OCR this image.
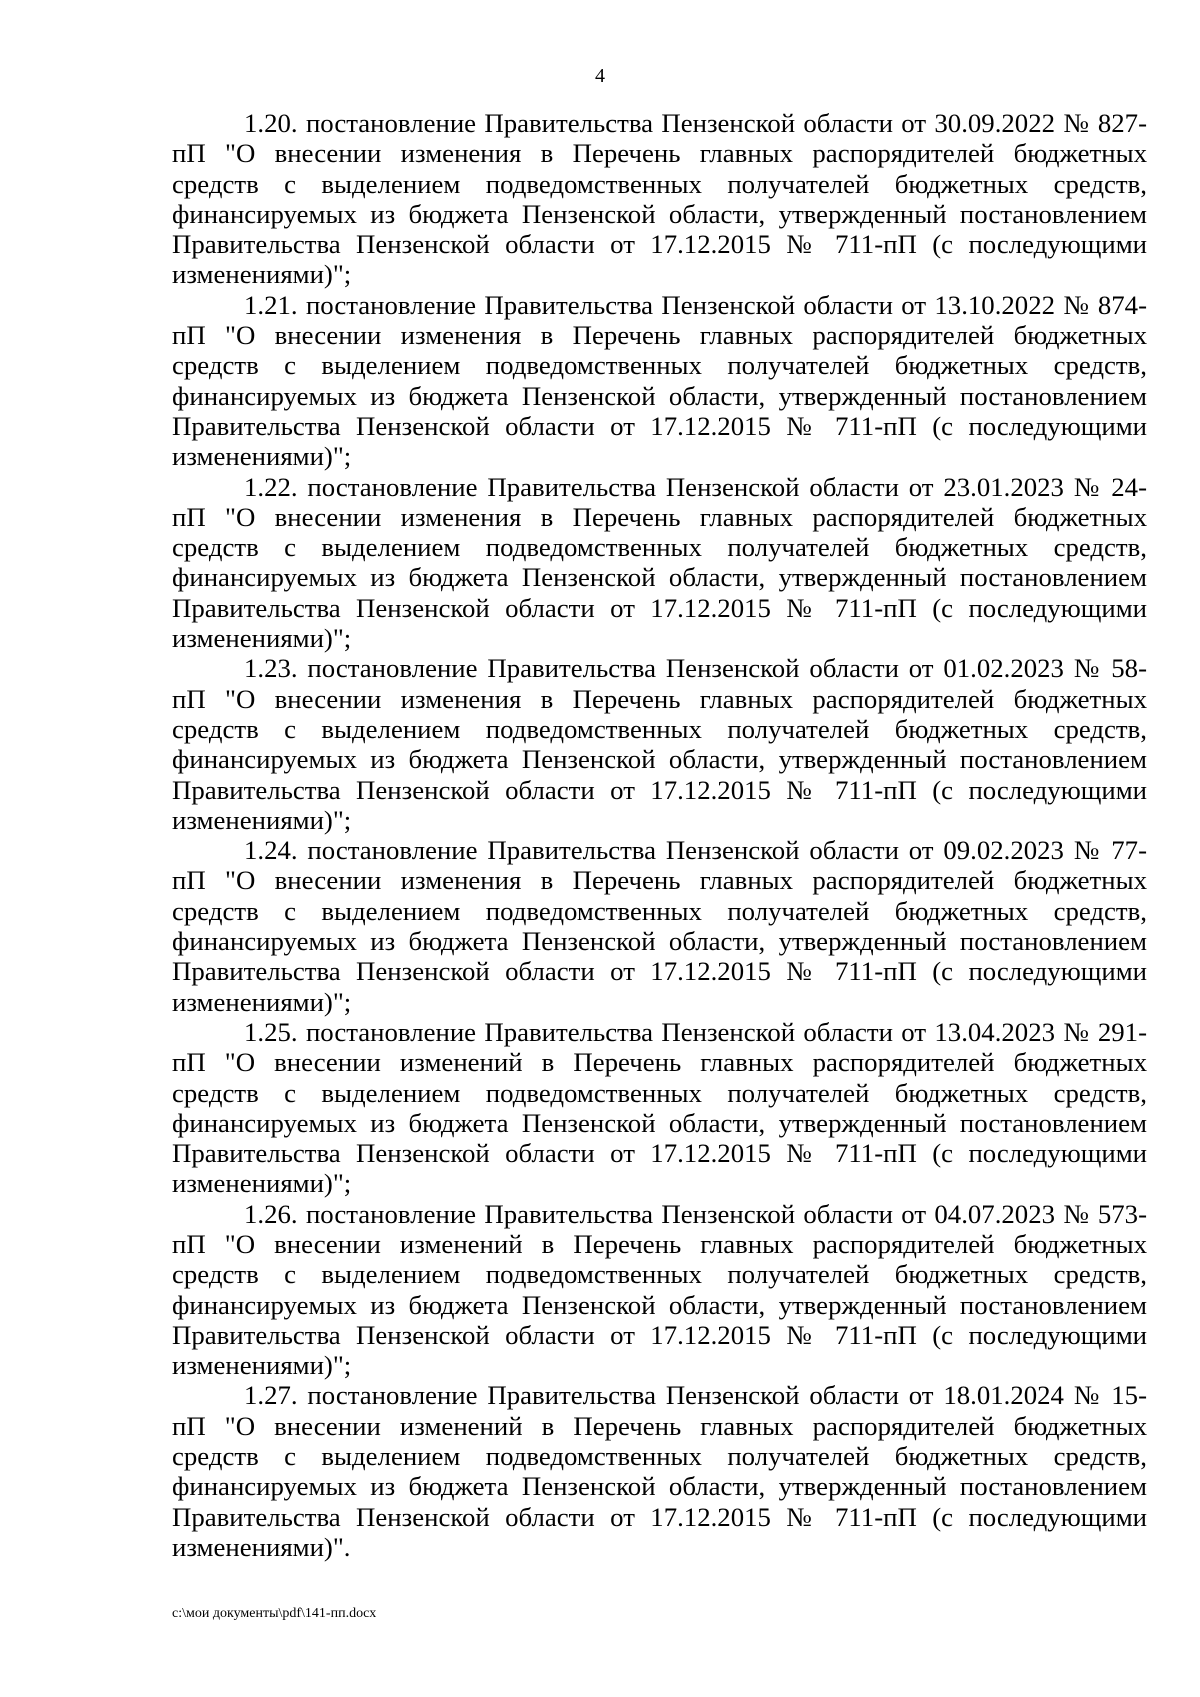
4

1.20. постановление Правительства Пензенской области от 30.09.2022 № 827-пП "О внесении изменения в Перечень главных распорядителей бюджетных средств с выделением подведомственных получателей бюджетных средств, финансируемых из бюджета Пензенской области, утвержденный постановлением Правительства Пензенской области от 17.12.2015 № 711-пП (с последующими изменениями)";

1.21. постановление Правительства Пензенской области от 13.10.2022 № 874-пП "О внесении изменения в Перечень главных распорядителей бюджетных средств с выделением подведомственных получателей бюджетных средств, финансируемых из бюджета Пензенской области, утвержденный постановлением Правительства Пензенской области от 17.12.2015 № 711-пП (с последующими изменениями)";

1.22. постановление Правительства Пензенской области от 23.01.2023 № 24-пП "О внесении изменения в Перечень главных распорядителей бюджетных средств с выделением подведомственных получателей бюджетных средств, финансируемых из бюджета Пензенской области, утвержденный постановлением Правительства Пензенской области от 17.12.2015 № 711-пП (с последующими изменениями)";

1.23. постановление Правительства Пензенской области от 01.02.2023 № 58-пП "О внесении изменения в Перечень главных распорядителей бюджетных средств с выделением подведомственных получателей бюджетных средств, финансируемых из бюджета Пензенской области, утвержденный постановлением Правительства Пензенской области от 17.12.2015 № 711-пП (с последующими изменениями)";

1.24. постановление Правительства Пензенской области от 09.02.2023 № 77-пП "О внесении изменения в Перечень главных распорядителей бюджетных средств с выделением подведомственных получателей бюджетных средств, финансируемых из бюджета Пензенской области, утвержденный постановлением Правительства Пензенской области от 17.12.2015 № 711-пП (с последующими изменениями)";

1.25. постановление Правительства Пензенской области от 13.04.2023 № 291-пП "О внесении изменений в Перечень главных распорядителей бюджетных средств с выделением подведомственных получателей бюджетных средств, финансируемых из бюджета Пензенской области, утвержденный постановлением Правительства Пензенской области от 17.12.2015 № 711-пП (с последующими изменениями)";

1.26. постановление Правительства Пензенской области от 04.07.2023 № 573-пП "О внесении изменений в Перечень главных распорядителей бюджетных средств с выделением подведомственных получателей бюджетных средств, финансируемых из бюджета Пензенской области, утвержденный постановлением Правительства Пензенской области от 17.12.2015 № 711-пП (с последующими изменениями)";

1.27. постановление Правительства Пензенской области от 18.01.2024 № 15-пП "О внесении изменений в Перечень главных распорядителей бюджетных средств с выделением подведомственных получателей бюджетных средств, финансируемых из бюджета Пензенской области, утвержденный постановлением Правительства Пензенской области от 17.12.2015 № 711-пП (с последующими изменениями)".

c:\мои документы\pdf\141-пп.docx
